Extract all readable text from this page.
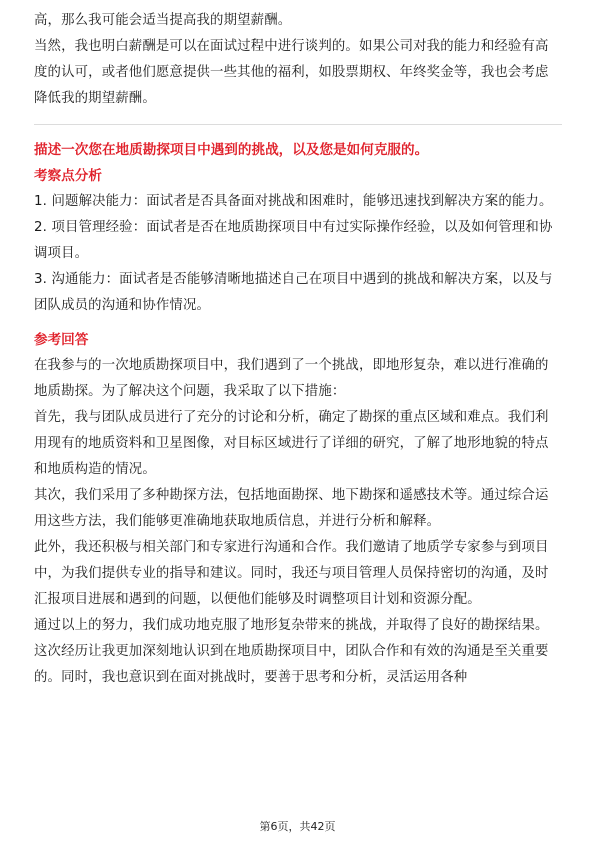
高，那么我可能会适当提高我的期望薪酬。

当然，我也明白薪酬是可以在面试过程中进行谈判的。如果公司对我的能力和经验有高度的认可，或者他们愿意提供一些其他的福利，如股票期权、年终奖金等，我也会考虑降低我的期望薪酬。

描述一次您在地质勘探项目中遇到的挑战，以及您是如何克服的。

考察点分析

1. 问题解决能力：面试者是否具备面对挑战和困难时，能够迅速找到解决方案的能力。

2. 项目管理经验：面试者是否在地质勘探项目中有过实际操作经验，以及如何管理和协调项目。

3. 沟通能力：面试者是否能够清晰地描述自己在项目中遇到的挑战和解决方案，以及与团队成员的沟通和协作情况。

参考回答

在我参与的一次地质勘探项目中，我们遇到了一个挑战，即地形复杂，难以进行准确的地质勘探。为了解决这个问题，我采取了以下措施：

首先，我与团队成员进行了充分的讨论和分析，确定了勘探的重点区域和难点。我们利用现有的地质资料和卫星图像，对目标区域进行了详细的研究，了解了地形地貌的特点和地质构造的情况。

其次，我们采用了多种勘探方法，包括地面勘探、地下勘探和遥感技术等。通过综合运用这些方法，我们能够更准确地获取地质信息，并进行分析和解释。

此外，我还积极与相关部门和专家进行沟通和合作。我们邀请了地质学专家参与到项目中，为我们提供专业的指导和建议。同时，我还与项目管理人员保持密切的沟通，及时汇报项目进展和遇到的问题，以便他们能够及时调整项目计划和资源分配。

通过以上的努力，我们成功地克服了地形复杂带来的挑战，并取得了良好的勘探结果。这次经历让我更加深刻地认识到在地质勘探项目中，团队合作和有效的沟通是至关重要的。同时，我也意识到在面对挑战时，要善于思考和分析，灵活运用各种

第6页，共42页
